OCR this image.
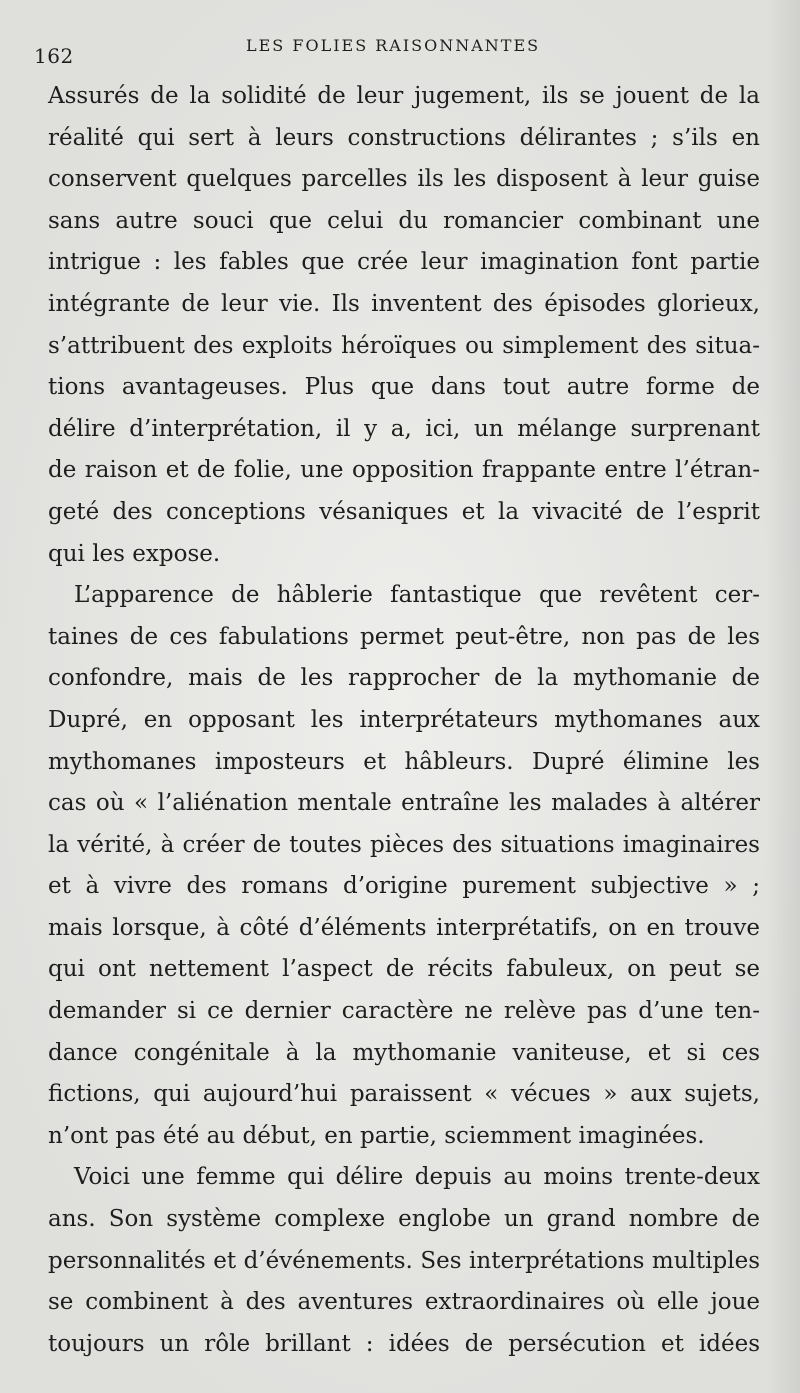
162	LES FOLIES RAISONNANTES
Assurés de la solidité de leur jugement, ils se jouent de la
réalité qui sert à leurs constructions délirantes ; s’ils en
conservent quelques parcelles ils les disposent à leur guise
sans autre souci que celui du romancier combinant une
intrigue : les fables que crée leur imagination font partie
intégrante de leur vie. Ils inventent des épisodes glorieux,
s’attribuent des exploits héroïques ou simplement des situa-
tions avantageuses. Plus que dans tout autre forme de
délire d’interprétation, il y a, ici, un mélange surprenant
de raison et de folie, une opposition frappante entre l’étran-
geté des conceptions vésaniques et la vivacité de l’esprit
qui les expose.
L’apparence de hâblerie fantastique que revêtent cer-
taines de ces fabulations permet peut-être, non pas de les
confondre, mais de les rapprocher de la mythomanie de
Dupré, en opposant les interprétateurs mythomanes aux
mythomanes imposteurs et hâbleurs. Dupré élimine les
cas où « l’aliénation mentale entraîne les malades à altérer
la vérité, à créer de toutes pièces des situations imaginaires
et à vivre des romans d’origine purement subjective » ;
mais lorsque, à côté d’éléments interprétatifs, on en trouve
qui ont nettement l’aspect de récits fabuleux, on peut se
demander si ce dernier caractère ne relève pas d’une ten-
dance congénitale à la mythomanie vaniteuse, et si ces
fictions, qui aujourd’hui paraissent « vécues » aux sujets,
n’ont pas été au début, en partie, sciemment imaginées.
Voici une femme qui délire depuis au moins trente-deux
ans. Son système complexe englobe un grand nombre de
personnalités et d’événements. Ses interprétations multiples
se combinent à des aventures extraordinaires où elle joue
toujours un rôle brillant : idées de persécution et idées
